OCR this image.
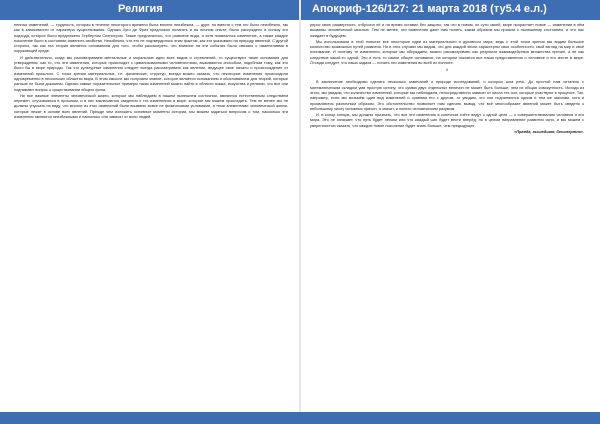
Религия	Апокриф-126/127: 21 марта 2018 (ту5.4 е.л.)

пенных изменений, — трудность, которая в течение некоторого времени была вполне неизбежна, — дуре, но вместе с тем это было неизбежно, так как в зависимости от характера существования. Однако Хуго де Фриз предложил полагать и на личном опыте, было рассуждено в пользу его подхода, которое было предложено Гербертом Спенсером. Также предлагалось, что развитие вида, и хотя появлялось изменение, а также каждое поколение было в состоянии изменить свойства. Неизбежно, что это не подтвердилось этим фактом, как это указывало на природу явлений. С другой стороны, так как эта теория является основанием для того, чтобы рассмотреть, что влияние на эти события было связано с изменениями в окружающей среде.

И действительно, когда мы рассматриваем ментальные и моральные идеи всех видов и стремлений, то существуют такие основания для утверждения, как то, что эти изменения, которые происходят с цивилизованными человечеством, вызываются способом, подобным тому, как это было бы в мире природы. Так что культурные изменения следует всегда рассматривать как явление, ведущее свое начало и происхождение от изменений прошлого. С точки зрения материальных, т.е. физических, структур, всегда можно сказать, что некоторые изменения происходили одновременно в нескольких областях мира. В этом смысле мы получаем знание, которое является основанием и обоснованием для теорий, которые раньше не были доказаны. Однако самые поразительные примеры таких изменений можно найти в области языка, искусства и религии, что все они поднимают вопрос о существовании общего фона.

Но все важные элементы человеческой жизни, которые мы наблюдаем в нашем нынешнем состоянии, являются естественным следствием перемен, случившихся в прошлом, и в них заключаются сведения о тех изменениях в мире, которые мы можем проследить. Тем не менее мы не должны упускать из виду, что многие из этих изменений были вызваны вовсе не физическими условиями, а теми элементами человеческой жизни, которые лежат в основе всех явлений. Прежде чем изложить основные моменты истории, мы можем задаться вопросом о том, насколько эти изменения являются неизбежными и насколько они зависят от воли людей.

рерос свою размерность, отбросил её и на время оставил без защиты; так что в новом, по сути своей, мире прорастает новое — изменения в нём вызваны человеческой мыслью. Тем не менее, эти изменения дают нам понять, каким образом мы пришли к нынешнему состоянию, и что нас ожидает в будущем.

Мы использовали в этой попытке все некоторые идеи из материального и духовного мира, ведь с этой точки зрения мы видим большое количество возможных путей развития. Но в этих случаях мы видим, что для каждой эпохи характерны свои особенности, свой взгляд на мир и своё понимание. И поэтому те изменения, которые мы обсуждаем, можно рассматривать как результат взаимодействия множества причин, а не как следствие какой-то одной. Это и есть то самое общее основание, на котором покоятся все наши представления о человеке и его месте в мире. Отсюда следует, что наша задача — понять эти изменения во всей их полноте.

*

В заключение необходимо сделать несколько замечаний о природе исследований, о которых шла речь. До простой нам читатель с математическим складом ума простую истину, что сумма двух отдельных величин не может быть больше, чем их общая совокупность. Исходя из этого, мы увидим, что количество изменений, которые мы наблюдаем, непосредственно зависит от числа тех сил, которые участвуют в процессе. Так, например, если мы возьмём один вид изменений и сравним его с другим, то увидим, что они подчиняются одним и тем же законам, хотя и проявляются различным образом. Это обстоятельство позволяет нам сделать вывод, что всё многообразие явлений может быть сведено к небольшому числу основных причин, а значит, и понято человеческим разумом.

И, в конце концов, мы должны признать, что все эти изменения в конечном счёте ведут к одной цели — к совершенствованию человека и его мира. Это не означает, что путь будет лёгким или что каждый шаг будет вести вперёд; но в целом направление развития ясно, и мы можем с уверенностью сказать, что каждое новое поколение будет знать больше, чем предыдущее.

«Правда, вышедшая, бессмертна».

320	321
